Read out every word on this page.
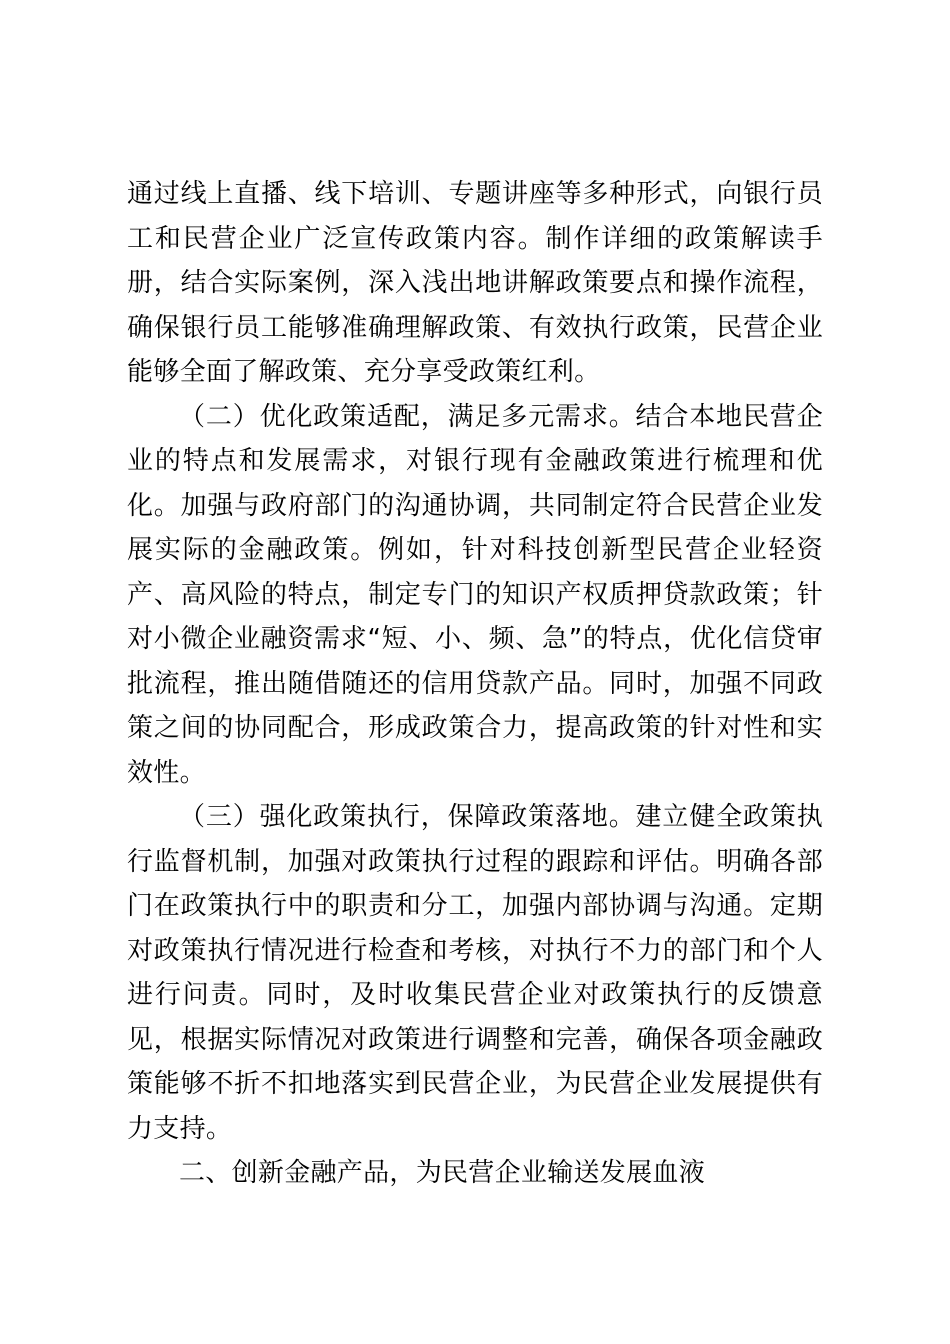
通过线上直播、线下培训、专题讲座等多种形式，向银行员工和民营企业广泛宣传政策内容。制作详细的政策解读手册，结合实际案例，深入浅出地讲解政策要点和操作流程，确保银行员工能够准确理解政策、有效执行政策，民营企业能够全面了解政策、充分享受政策红利。

（二）优化政策适配，满足多元需求。结合本地民营企业的特点和发展需求，对银行现有金融政策进行梳理和优化。加强与政府部门的沟通协调，共同制定符合民营企业发展实际的金融政策。例如，针对科技创新型民营企业轻资产、高风险的特点，制定专门的知识产权质押贷款政策；针对小微企业融资需求“短、小、频、急”的特点，优化信贷审批流程，推出随借随还的信用贷款产品。同时，加强不同政策之间的协同配合，形成政策合力，提高政策的针对性和实效性。

（三）强化政策执行，保障政策落地。建立健全政策执行监督机制，加强对政策执行过程的跟踪和评估。明确各部门在政策执行中的职责和分工，加强内部协调与沟通。定期对政策执行情况进行检查和考核，对执行不力的部门和个人进行问责。同时，及时收集民营企业对政策执行的反馈意见，根据实际情况对政策进行调整和完善，确保各项金融政策能够不折不扣地落实到民营企业，为民营企业发展提供有力支持。

二、创新金融产品，为民营企业输送发展血液
